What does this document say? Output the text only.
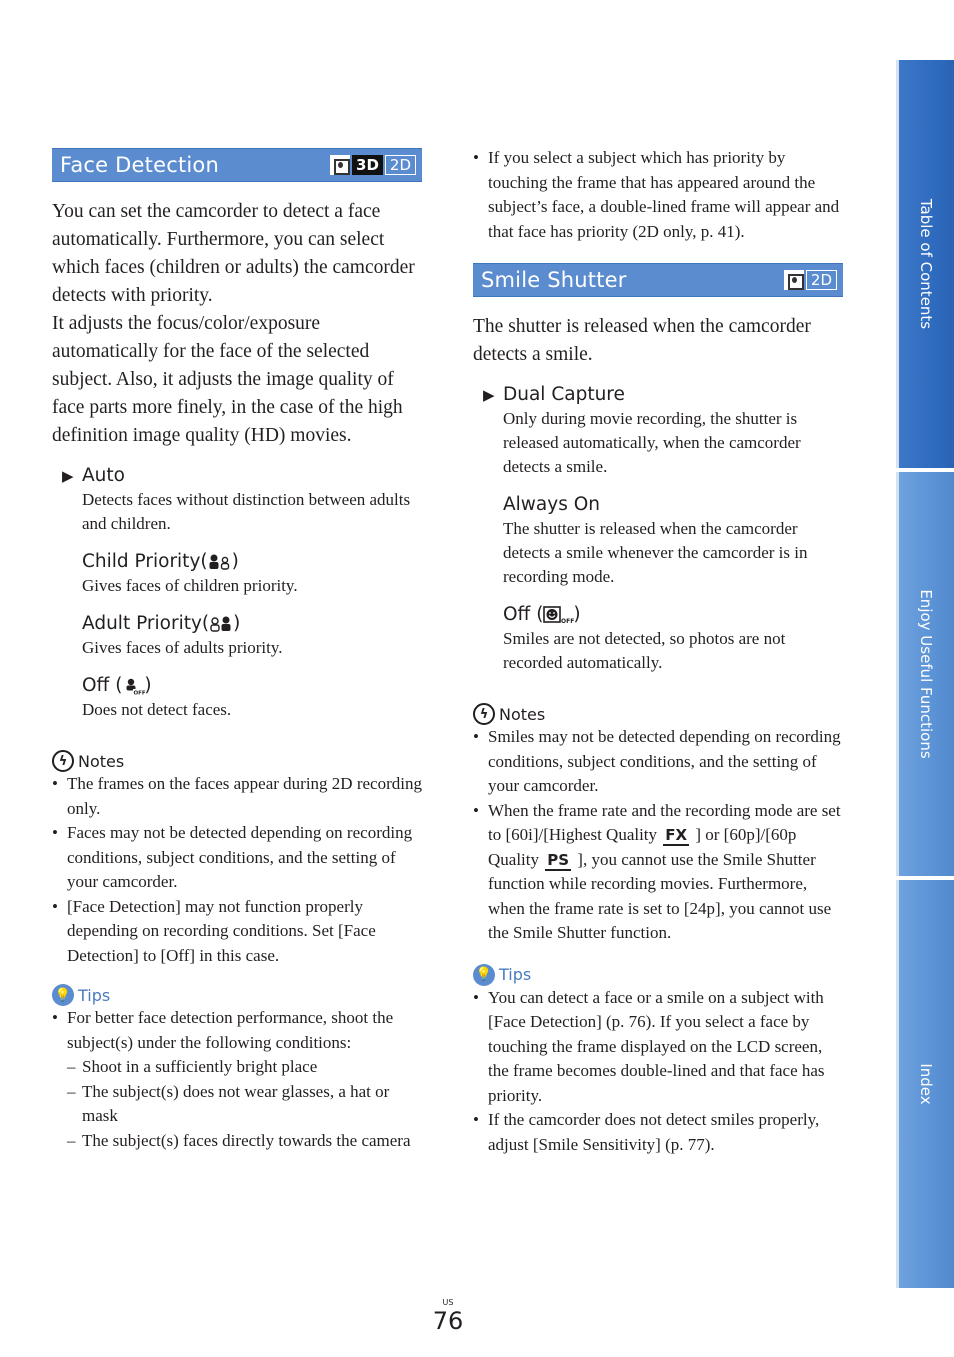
Face Detection	3D 2D

You can set the camcorder to detect a face automatically. Furthermore, you can select which faces (children or adults) the camcorder detects with priority.

It adjusts the focus/color/exposure automatically for the face of the selected subject. Also, it adjusts the image quality of face parts more finely, in the case of the high definition image quality (HD) movies.

▶ Auto
Detects faces without distinction between adults and children.
Child Priority( )
Gives faces of children priority.
Adult Priority( )
Gives faces of adults priority.
Off ( OFF
)
Does not detect faces.
ϟ Notes
• The frames on the faces appear during 2D recording only.
• Faces may not be detected depending on recording conditions, subject conditions, and the setting of your camcorder.
• [Face Detection] may not function properly depending on recording conditions. Set [Face Detection] to [Off] in this case.
💡 Tips
• For better face detection performance, shoot the subject(s) under the following conditions:
– Shoot in a sufficiently bright place
– The subject(s) does not wear glasses, a hat or mask
– The subject(s) faces directly towards the camera
• If you select a subject which has priority by touching the frame that has appeared around the subject’s face, a double-lined frame will appear and that face has priority (2D only, p. 41).
Smile Shutter	2D

The shutter is released when the camcorder detects a smile.

▶ Dual Capture
Only during movie recording, the shutter is released automatically, when the camcorder detects a smile.
Always On
The shutter is released when the camcorder detects a smile whenever the camcorder is in recording mode.
Off (	OFF
)
Smiles are not detected, so photos are not recorded automatically.
ϟ Notes
• Smiles may not be detected depending on recording conditions, subject conditions, and the setting of your camcorder.
• When the frame rate and the recording mode are set to [60i]/[Highest Quality FX ] or [60p]/[60p Quality PS ], you cannot use the Smile Shutter function while recording movies. Furthermore, when the frame rate is set to [24p], you cannot use the Smile Shutter function.
💡 Tips
• You can detect a face or a smile on a subject with [Face Detection] (p. 76). If you select a face by touching the frame displayed on the LCD screen, the frame becomes double-lined and that face has priority.
• If the camcorder does not detect smiles properly, adjust [Smile Sensitivity] (p. 77).
Table of Contents
Enjoy Useful Functions
Index
US
76
